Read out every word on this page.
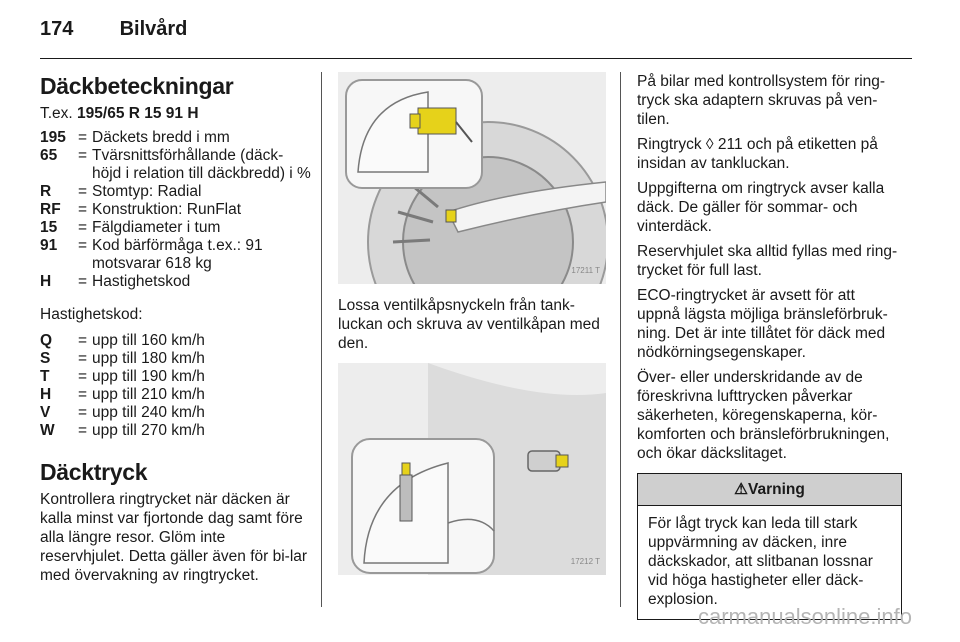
174 Bilvård
Däckbeteckningar
T.ex. 195/65 R 15 91 H
195	=	Däckets bredd i mm
65	=	Tvärsnittsförhållande (däck-höjd i relation till däckbredd) i %
R	=	Stomtyp: Radial
RF	=	Konstruktion: RunFlat
15	=	Fälgdiameter i tum
91	=	Kod bärförmåga t.ex.: 91 motsvarar 618 kg
H	=	Hastighetskod
Hastighetskod:
Q	=	upp till 160 km/h
S	=	upp till 180 km/h
T	=	upp till 190 km/h
H	=	upp till 210 km/h
V	=	upp till 240 km/h
W	=	upp till 270 km/h
Däcktryck

Kontrollera ringtrycket när däcken är kalla minst var fjortonde dag samt före alla längre resor. Glöm inte reservhjulet. Detta gäller även för bi-lar med övervakning av ringtrycket.

17211 T

Lossa ventilkåpsnyckeln från tank-luckan och skruva av ventilkåpan med den.

17212 T

På bilar med kontrollsystem för ring-tryck ska adaptern skruvas på ven-tilen.

Ringtryck ◊ 211 och på etiketten på insidan av tankluckan.

Uppgifterna om ringtryck avser kalla däck. De gäller för sommar- och vinterdäck.

Reservhjulet ska alltid fyllas med ring-trycket för full last.

ECO-ringtrycket är avsett för att uppnå lägsta möjliga bränsleförbruk-ning. Det är inte tillåtet för däck med nödkörningsegenskaper.

Över- eller underskridande av de föreskrivna lufttrycken påverkar säkerheten, köregenskaperna, kör-komforten och bränsleförbrukningen, och ökar däckslitaget.

⚠Varning
För lågt tryck kan leda till stark uppvärmning av däcken, inre däckskador, att slitbanan lossnar vid höga hastigheter eller däck-explosion.
carmanualsonline.info
